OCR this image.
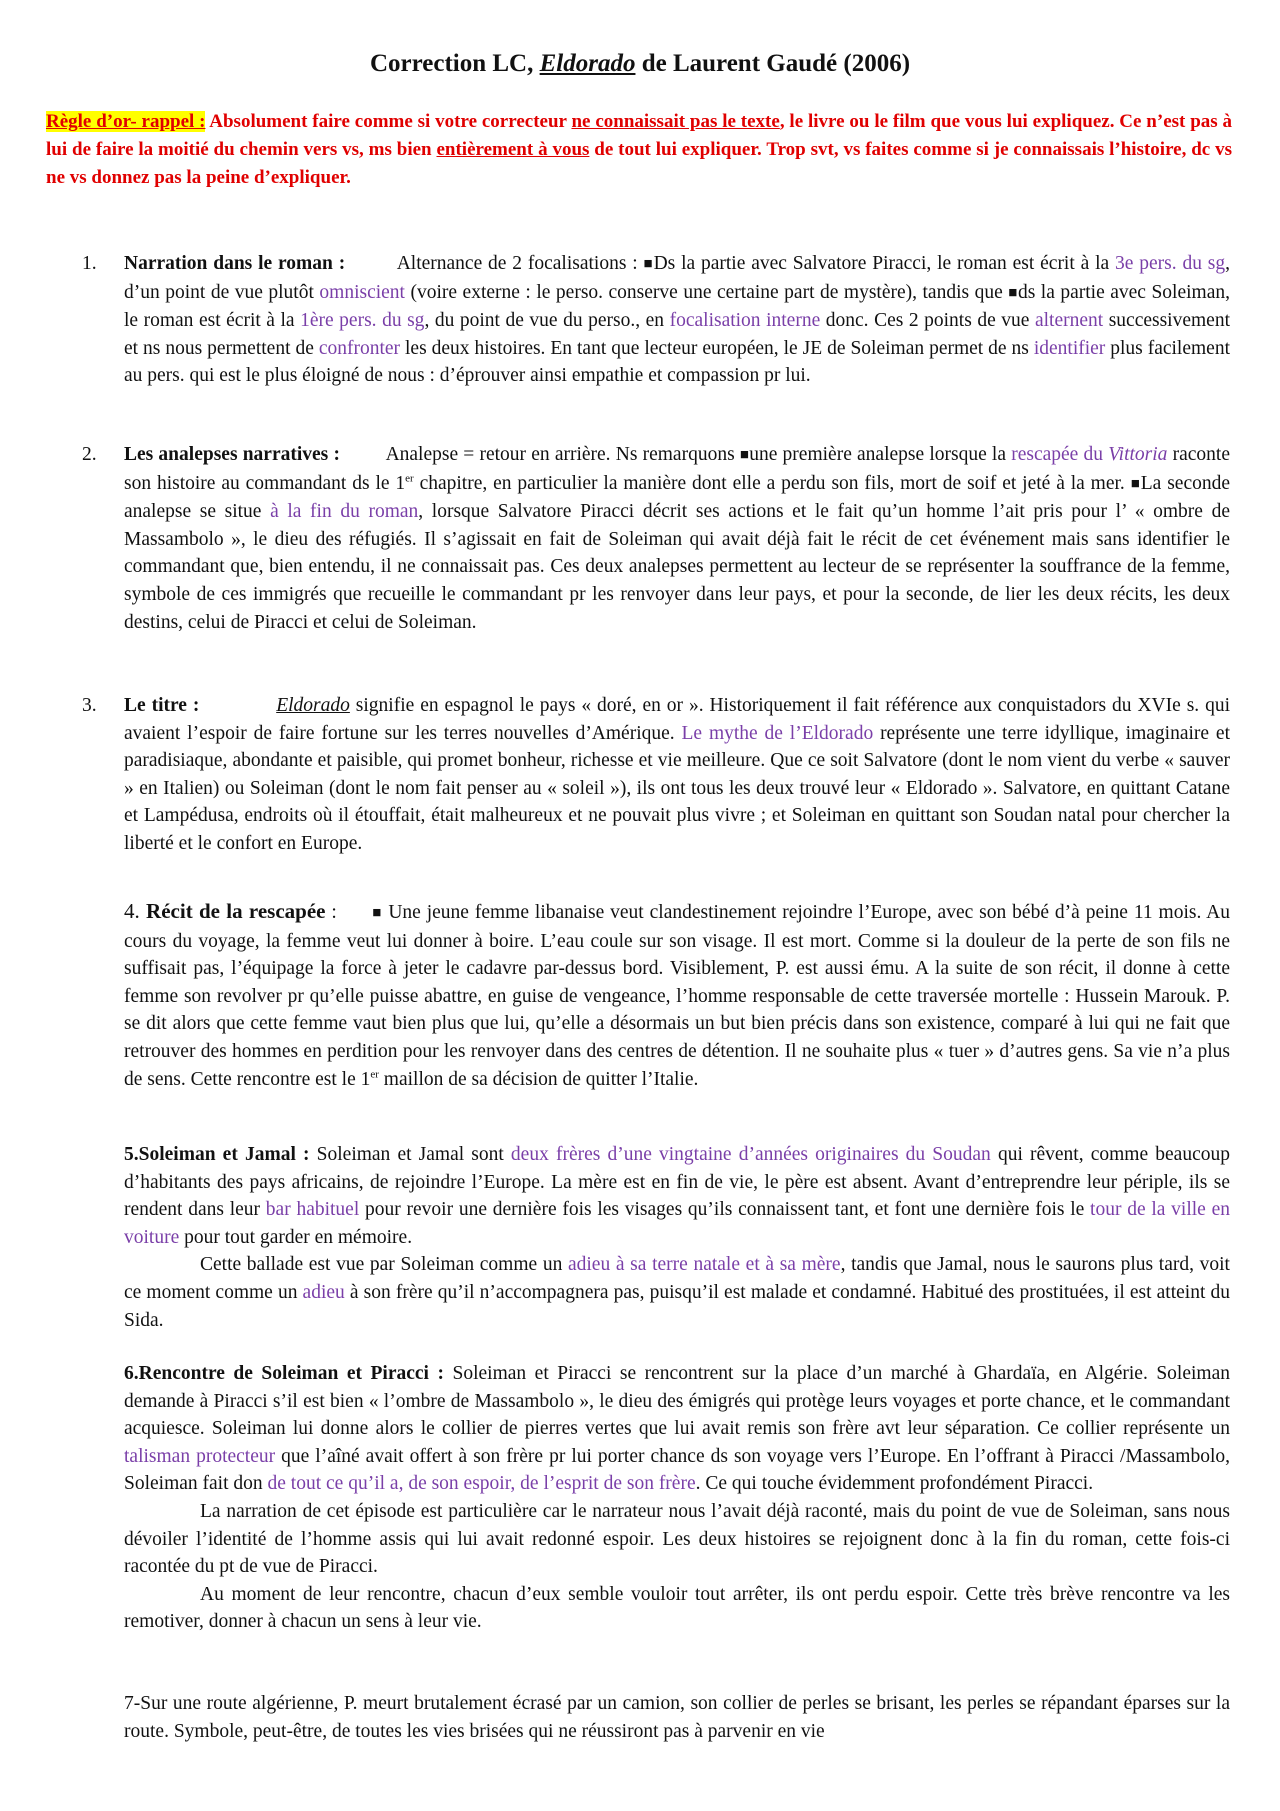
Correction LC, Eldorado de Laurent Gaudé (2006)
Règle d’or- rappel : Absolument faire comme si votre correcteur ne connaissait pas le texte, le livre ou le film que vous lui expliquez. Ce n’est pas à lui de faire la moitié du chemin vers vs, ms bien entièrement à vous de tout lui expliquer. Trop svt, vs faites comme si je connaissais l’histoire, dc vs ne vs donnez pas la peine d’expliquer.
1. Narration dans le roman :	Alternance de 2 focalisations : ■Ds la partie avec Salvatore Piracci, le roman est écrit à la 3e pers. du sg, d’un point de vue plutôt omniscient (voire externe : le perso. conserve une certaine part de mystère), tandis que ■ds la partie avec Soleiman, le roman est écrit à la 1ère pers. du sg, du point de vue du perso., en focalisation interne donc. Ces 2 points de vue alternent successivement et ns nous permettent de confronter les deux histoires. En tant que lecteur européen, le JE de Soleiman permet de ns identifier plus facilement au pers. qui est le plus éloigné de nous : d’éprouver ainsi empathie et compassion pr lui.
2. Les analepses narratives : Analepse = retour en arrière. Ns remarquons ■une première analepse lorsque la rescapée du Vittoria raconte son histoire au commandant ds le 1er chapitre, en particulier la manière dont elle a perdu son fils, mort de soif et jeté à la mer. ■La seconde analepse se situe à la fin du roman, lorsque Salvatore Piracci décrit ses actions et le fait qu’un homme l’ait pris pour l’ « ombre de Massambolo », le dieu des réfugiés. Il s’agissait en fait de Soleiman qui avait déjà fait le récit de cet événement mais sans identifier le commandant que, bien entendu, il ne connaissait pas. Ces deux analepses permettent au lecteur de se représenter la souffrance de la femme, symbole de ces immigrés que recueille le commandant pr les renvoyer dans leur pays, et pour la seconde, de lier les deux récits, les deux destins, celui de Piracci et celui de Soleiman.
3. Le titre :	Eldorado signifie en espagnol le pays « doré, en or ». Historiquement il fait référence aux conquistadors du XVIe s. qui avaient l’espoir de faire fortune sur les terres nouvelles d’Amérique. Le mythe de l’Eldorado représente une terre idyllique, imaginaire et paradisiaque, abondante et paisible, qui promet bonheur, richesse et vie meilleure. Que ce soit Salvatore (dont le nom vient du verbe « sauver » en Italien) ou Soleiman (dont le nom fait penser au « soleil »), ils ont tous les deux trouvé leur « Eldorado ». Salvatore, en quittant Catane et Lampédusa, endroits où il étouffait, était malheureux et ne pouvait plus vivre ; et Soleiman en quittant son Soudan natal pour chercher la liberté et le confort en Europe.
4. Récit de la rescapée : ■ Une jeune femme libanaise veut clandestinement rejoindre l’Europe, avec son bébé d’à peine 11 mois. Au cours du voyage, la femme veut lui donner à boire. L’eau coule sur son visage. Il est mort. Comme si la douleur de la perte de son fils ne suffisait pas, l’équipage la force à jeter le cadavre par-dessus bord. Visiblement, P. est aussi ému. A la suite de son récit, il donne à cette femme son revolver pr qu’elle puisse abattre, en guise de vengeance, l’homme responsable de cette traversée mortelle : Hussein Marouk. P. se dit alors que cette femme vaut bien plus que lui, qu’elle a désormais un but bien précis dans son existence, comparé à lui qui ne fait que retrouver des hommes en perdition pour les renvoyer dans des centres de détention. Il ne souhaite plus « tuer » d’autres gens. Sa vie n’a plus de sens. Cette rencontre est le 1er maillon de sa décision de quitter l’Italie.
5.Soleiman et Jamal : Soleiman et Jamal sont deux frères d’une vingtaine d’années originaires du Soudan qui rêvent, comme beaucoup d’habitants des pays africains, de rejoindre l’Europe. La mère est en fin de vie, le père est absent. Avant d’entreprendre leur périple, ils se rendent dans leur bar habituel pour revoir une dernière fois les visages qu’ils connaissent tant, et font une dernière fois le tour de la ville en voiture pour tout garder en mémoire.
Cette ballade est vue par Soleiman comme un adieu à sa terre natale et à sa mère, tandis que Jamal, nous le saurons plus tard, voit ce moment comme un adieu à son frère qu’il n’accompagnera pas, puisqu’il est malade et condamné. Habitué des prostituées, il est atteint du Sida.
6.Rencontre de Soleiman et Piracci : Soleiman et Piracci se rencontrent sur la place d’un marché à Ghardaïa, en Algérie. Soleiman demande à Piracci s’il est bien « l’ombre de Massambolo », le dieu des émigrés qui protège leurs voyages et porte chance, et le commandant acquiesce. Soleiman lui donne alors le collier de pierres vertes que lui avait remis son frère avt leur séparation. Ce collier représente un talisman protecteur que l’aîné avait offert à son frère pr lui porter chance ds son voyage vers l’Europe. En l’offrant à Piracci /Massambolo, Soleiman fait don de tout ce qu’il a, de son espoir, de l’esprit de son frère. Ce qui touche évidemment profondément Piracci.
La narration de cet épisode est particulière car le narrateur nous l’avait déjà raconté, mais du point de vue de Soleiman, sans nous dévoiler l’identité de l’homme assis qui lui avait redonné espoir. Les deux histoires se rejoignent donc à la fin du roman, cette fois-ci racontée du pt de vue de Piracci.
Au moment de leur rencontre, chacun d’eux semble vouloir tout arrêter, ils ont perdu espoir. Cette très brève rencontre va les remotiver, donner à chacun un sens à leur vie.
7-Sur une route algérienne, P. meurt brutalement écrasé par un camion, son collier de perles se brisant, les perles se répandant éparses sur la route. Symbole, peut-être, de toutes les vies brisées qui ne réussiront pas à parvenir en vie
